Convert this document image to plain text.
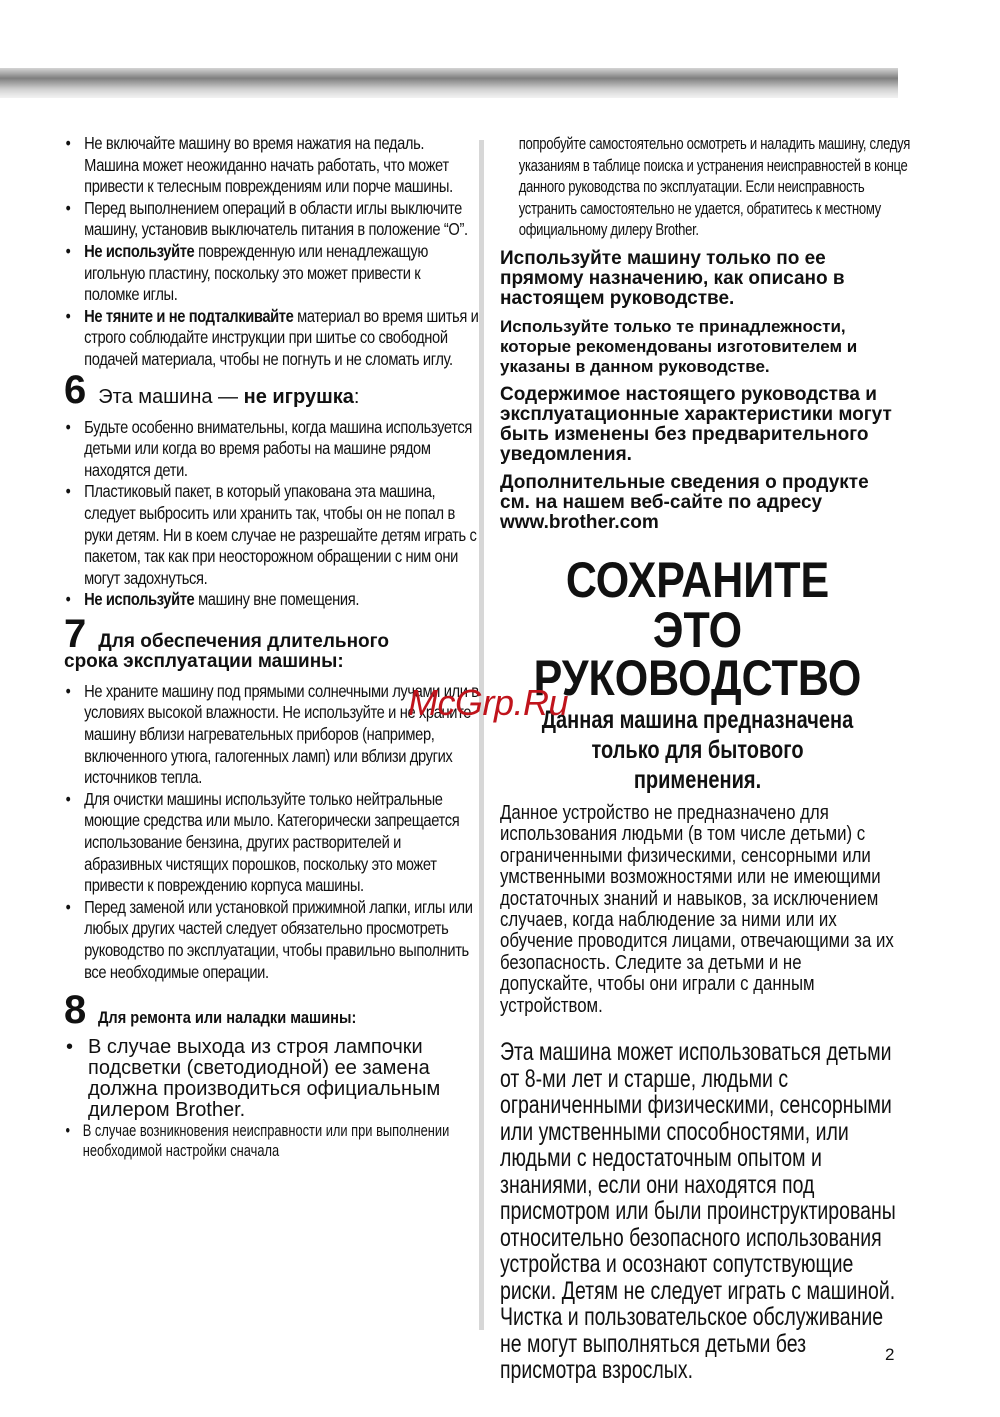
• Не включайте машину во время нажатия на педаль. Машина может неожиданно начать работать, что может привести к телесным повреждениям или порче машины.
• Перед выполнением операций в области иглы выключите машину, установив выключатель питания в положение “O”.
• Не используйте поврежденную или ненадлежащую игольную пластину, поскольку это может привести к поломке иглы.
• Не тяните и не подталкивайте материал во время шитья и строго соблюдайте инструкции при шитье со свободной подачей материала, чтобы не погнуть и не сломать иглу.
6 Эта машина — не игрушка:
• Будьте особенно внимательны, когда машина используется детьми или когда во время работы на машине рядом находятся дети.
• Пластиковый пакет, в который упакована эта машина, следует выбросить или хранить так, чтобы он не попал в руки детям. Ни в коем случае не разрешайте детям играть с пакетом, так как при неосторожном обращении с ним они могут задохнуться.
• Не используйте машину вне помещения.
7 Для обеспечения длительного
срока эксплуатации машины:
• Не храните машину под прямыми солнечными лучами или в условиях высокой влажности. Не используйте и не храните машину вблизи нагревательных приборов (например, включенного утюга, галогенных ламп) или вблизи других источников тепла.
• Для очистки машины используйте только нейтральные моющие средства или мыло. Категорически запрещается использование бензина, других растворителей и абразивных чистящих порошков, поскольку это может привести к повреждению корпуса машины.
• Перед заменой или установкой прижимной лапки, иглы или любых других частей следует обязательно просмотреть руководство по эксплуатации, чтобы правильно выполнить все необходимые операции.
8 Для ремонта или наладки машины:
• В случае выхода из строя лампочки подсветки (светодиодной) ее замена должна производиться официальным дилером Brother.
• В случае возникновения неисправности или при выполнении необходимой настройки сначала
попробуйте самостоятельно осмотреть и наладить машину, следуя указаниям в таблице поиска и устранения неисправностей в конце данного руководства по эксплуатации. Если неисправность устранить самостоятельно не удается, обратитесь к местному официальному дилеру Brother.
Используйте машину только по ее прямому назначению, как описано в настоящем руководстве.
Используйте только те принадлежности, которые рекомендованы изготовителем и указаны в данном руководстве.
Содержимое настоящего руководства и эксплуатационные характеристики могут быть изменены без предварительного уведомления.
Дополнительные сведения о продукте см. на нашем веб-сайте по адресу www.brother.com
СОХРАНИТЕ ЭТО
РУКОВОДСТВО
Данная машина предназначена только для бытового применения.
Данное устройство не предназначено для использования людьми (в том числе детьми) с ограниченными физическими, сенсорными или умственными возможностями или не имеющими достаточных знаний и навыков, за исключением случаев, когда наблюдение за ними или их обучение проводится лицами, отвечающими за их безопасность. Следите за детьми и не допускайте, чтобы они играли с данным устройством.
Эта машина может использоваться детьми от 8-ми лет и старше, людьми с ограниченными физическими, сенсорными или умственными способностями, или людьми с недостаточным опытом и знаниями, если они находятся под присмотром или были проинструктированы относительно безопасного использования устройства и осознают сопутствующие риски. Детям не следует играть с машиной. Чистка и пользовательское обслуживание не могут выполняться детьми без присмотра взрослых.
McGrp.Ru
2
